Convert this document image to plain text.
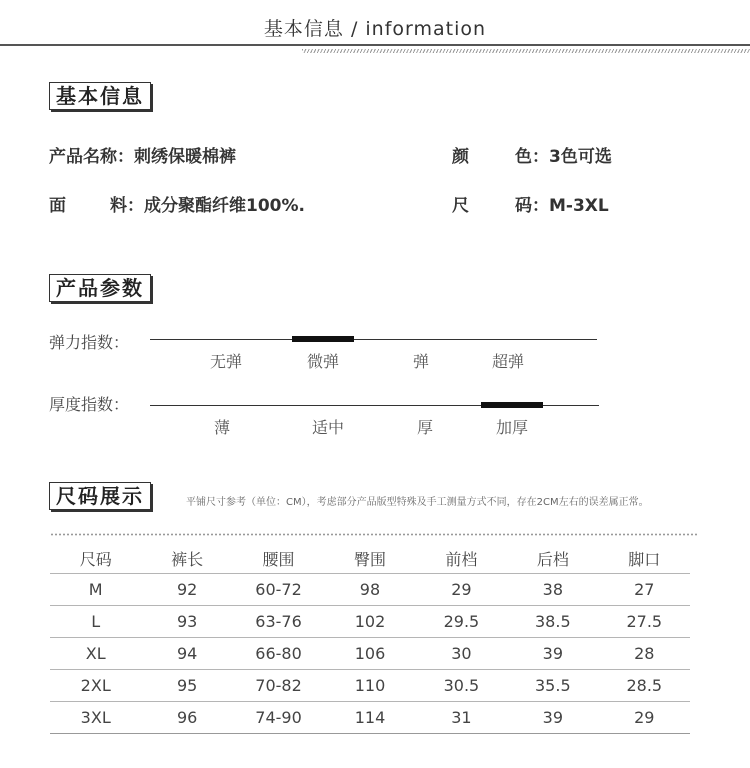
基本信息 / information
基本信息
产品名称：刺绣保暖棉裤	颜	色：3色可选
面	料：成分聚酯纤维100%.	尺	码：M-3XL
产品参数
弹力指数：
无弹	微弹	弹	超弹
厚度指数：
薄	适中	厚	加厚
尺码展示	平铺尺寸参考（单位：CM），考虑部分产品版型特殊及手工测量方式不同，存在2CM左右的误差属正常。
尺码	裤长	腰围	臀围	前档	后档	脚口
M	92	60-72	98	29	38	27
L	93	63-76	102	29.5	38.5	27.5
XL	94	66-80	106	30	39	28
2XL	95	70-82	110	30.5	35.5	28.5
3XL	96	74-90	114	31	39	29
